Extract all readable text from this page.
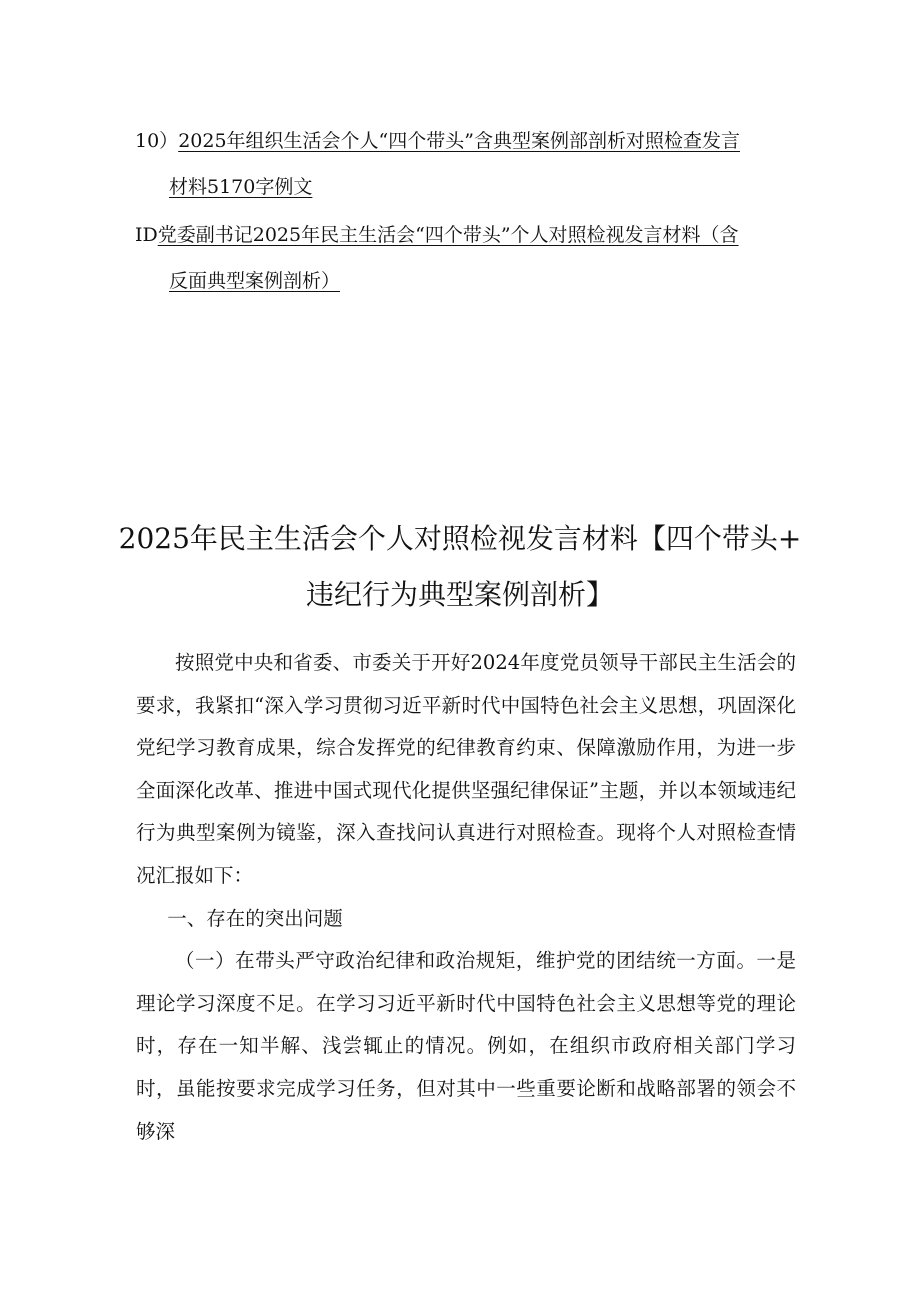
10）2025年组织生活会个人“四个带头”含典型案例部剖析对照检查发言
材料5170字例文
ID党委副书记2025年民主生活会“四个带头”个人对照检视发言材料（含
反面典型案例剖析）
2025年民主生活会个人对照检视发言材料【四个带头+
违纪行为典型案例剖析】

按照党中央和省委、市委关于开好2024年度党员领导干部民主生活会的要求，我紧扣“深入学习贯彻习近平新时代中国特色社会主义思想，巩固深化党纪学习教育成果，综合发挥党的纪律教育约束、保障激励作用，为进一步全面深化改革、推进中国式现代化提供坚强纪律保证”主题，并以本领域违纪行为典型案例为镜鉴，深入查找问认真进行对照检查。现将个人对照检查情况汇报如下：

一、存在的突出问题

（一）在带头严守政治纪律和政治规矩，维护党的团结统一方面。一是理论学习深度不足。在学习习近平新时代中国特色社会主义思想等党的理论时，存在一知半解、浅尝辄止的情况。例如，在组织市政府相关部门学习时，虽能按要求完成学习任务，但对其中一些重要论断和战略部署的领会不够深
